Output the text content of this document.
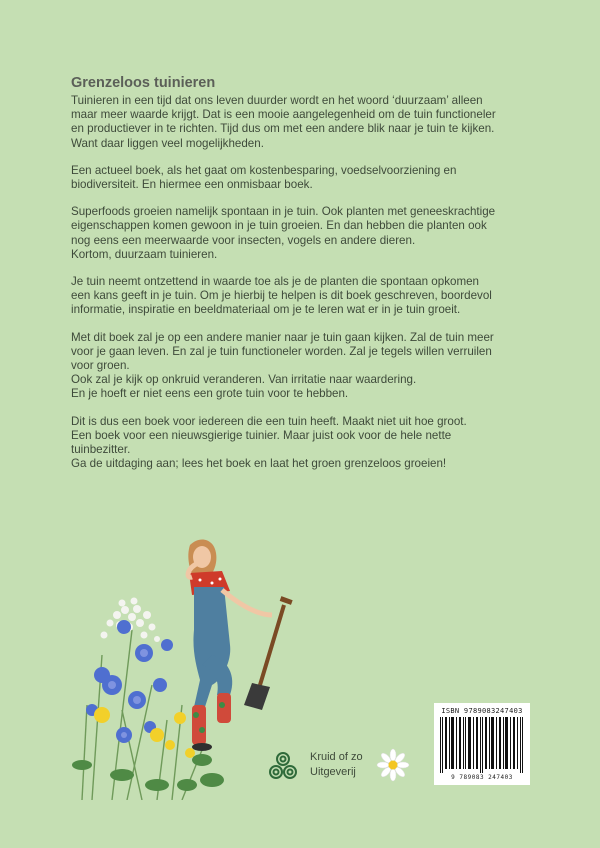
Grenzeloos tuinieren

Tuinieren in een tijd dat ons leven duurder wordt en het woord ‘duurzaam’ alleen
maar meer waarde krijgt. Dat is een mooie aangelegenheid om de tuin functioneler
en productiever in te richten. Tijd dus om met een andere blik naar je tuin te kijken.
Want daar liggen veel mogelijkheden.

Een actueel boek, als het gaat om kostenbesparing, voedselvoorziening en
biodiversiteit. En hiermee een onmisbaar boek.

Superfoods groeien namelijk spontaan in je tuin. Ook planten met geneeskrachtige
eigenschappen komen gewoon in je tuin groeien. En dan hebben die planten ook
nog eens een meerwaarde voor insecten, vogels en andere dieren.
Kortom, duurzaam tuinieren.

Je tuin neemt ontzettend in waarde toe als je de planten die spontaan opkomen
een kans geeft in je tuin. Om je hierbij te helpen is dit boek geschreven, boordevol
informatie, inspiratie en beeldmateriaal om je te leren wat er in je tuin groeit.

Met dit boek zal je op een andere manier naar je tuin gaan kijken. Zal de tuin meer
voor je gaan leven. En zal je tuin functioneler worden. Zal je tegels willen verruilen
voor groen.
Ook zal je kijk op onkruid veranderen. Van irritatie naar waardering.
En je hoeft er niet eens een grote tuin voor te hebben.

Dit is dus een boek voor iedereen die een tuin heeft. Maakt niet uit hoe groot.
Een boek voor een nieuwsgierige tuinier. Maar juist ook voor de hele nette
tuinbezitter.
Ga de uitdaging aan; lees het boek en laat het groen grenzeloos groeien!

Kruid of zo
Uitgeverij
ISBN 9789083247403
9 789083 247403
